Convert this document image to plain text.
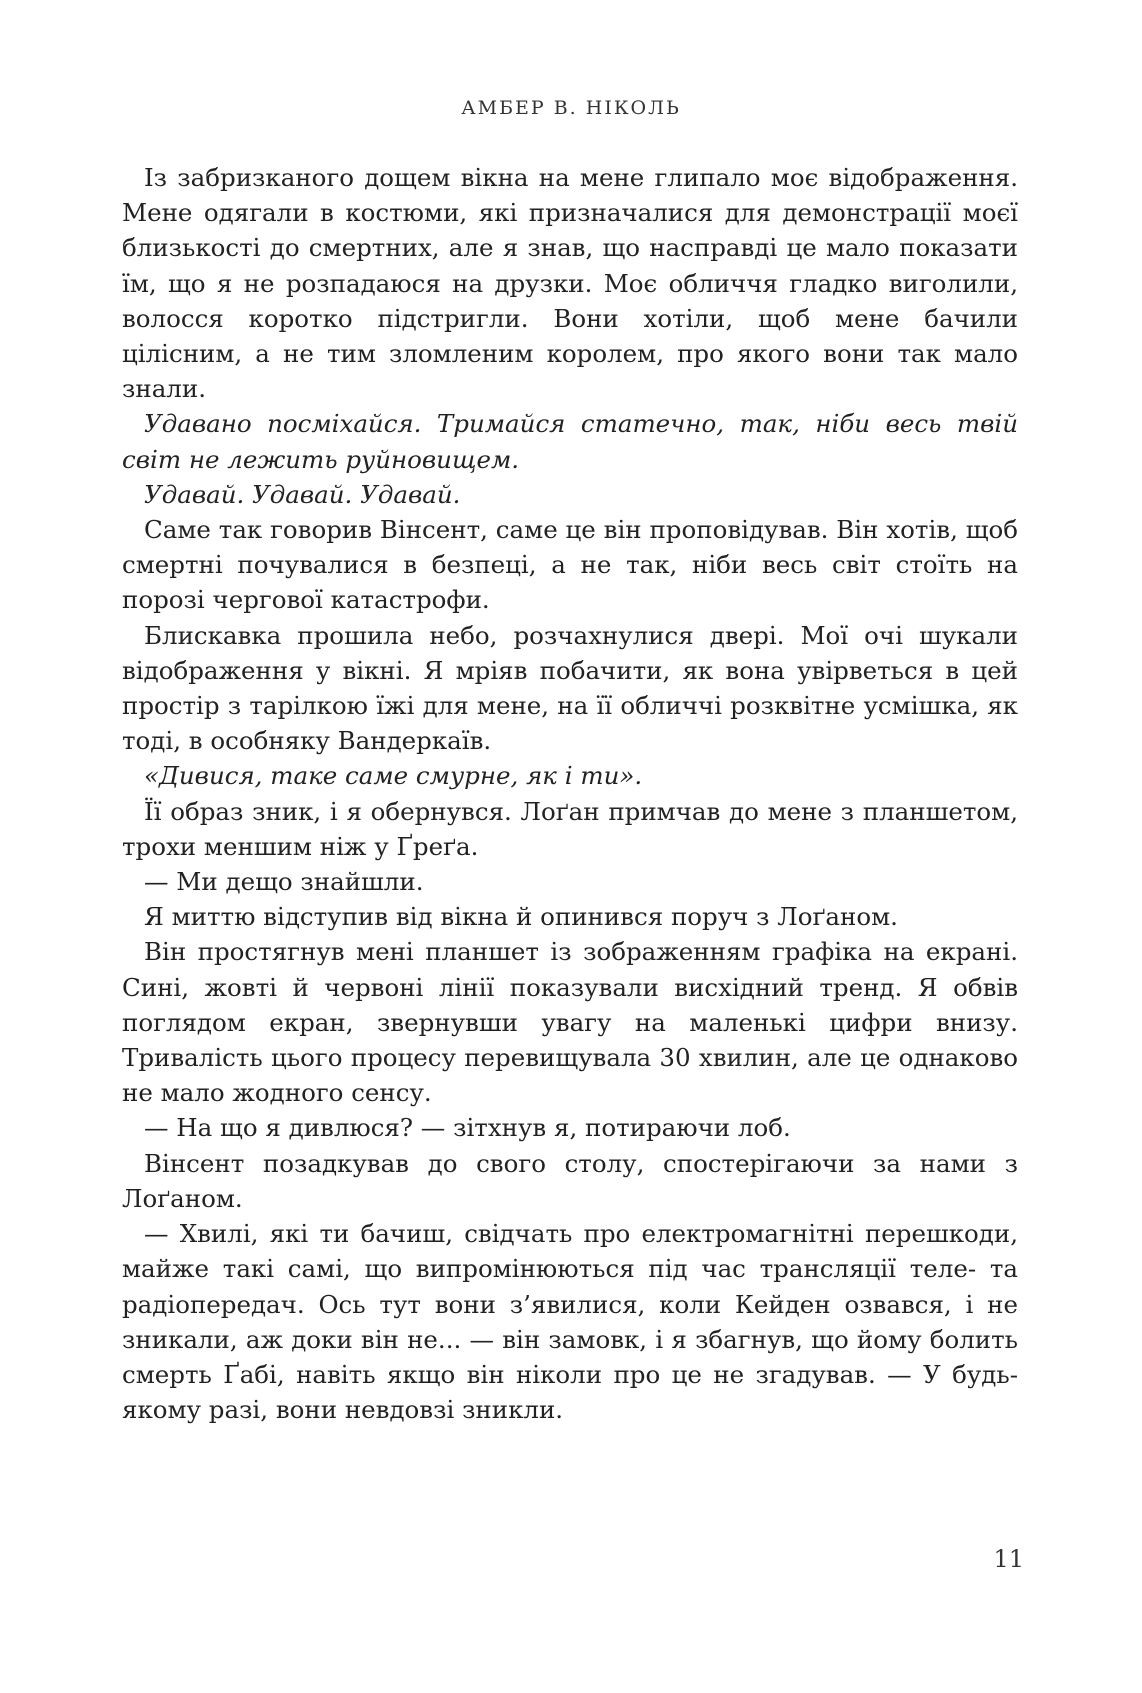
АМБЕР В. НІКОЛЬ

Із забризканого дощем вікна на мене глипало моє відображення. Мене одягали в костюми, які призначалися для демонстрації моєї близькості до смертних, але я знав, що насправді це мало показати їм, що я не розпадаюся на друзки. Моє обличчя гладко виголили, волосся коротко підстригли. Вони хотіли, щоб мене бачили цілісним, а не тим зломленим королем, про якого вони так мало знали.

Удавано посміхайся. Тримайся статечно, так, ніби весь твій світ не лежить руйновищем.

Удавай. Удавай. Удавай.

Саме так говорив Вінсент, саме це він проповідував. Він хотів, щоб смертні почувалися в безпеці, а не так, ніби весь світ стоїть на порозі чергової катастрофи.

Блискавка прошила небо, розчахнулися двері. Мої очі шукали відображення у вікні. Я мріяв побачити, як вона увірветься в цей простір з тарілкою їжі для мене, на її обличчі розквітне усмішка, як тоді, в особняку Вандеркаїв.

«Дивися, таке саме смурне, як і ти».

Її образ зник, і я обернувся. Лоґан примчав до мене з планшетом, трохи меншим ніж у Ґреґа.

— Ми дещо знайшли.

Я миттю відступив від вікна й опинився поруч з Лоґаном.

Він простягнув мені планшет із зображенням графіка на екрані. Сині, жовті й червоні лінії показували висхідний тренд. Я обвів поглядом екран, звернувши увагу на маленькі цифри внизу. Тривалість цього процесу перевищувала 30 хвилин, але це однаково не мало жодного сенсу.

— На що я дивлюся? — зітхнув я, потираючи лоб.

Вінсент позадкував до свого столу, спостерігаючи за нами з Лоґаном.

— Хвилі, які ти бачиш, свідчать про електромагнітні перешкоди, майже такі самі, що випромінюються під час трансляції теле- та радіопередач. Ось тут вони з’явилися, коли Кейден озвався, і не зникали, аж доки він не... — він замовк, і я збагнув, що йому болить смерть Ґабі, навіть якщо він ніколи про це не згадував. — У будь-якому разі, вони невдовзі зникли.

11
